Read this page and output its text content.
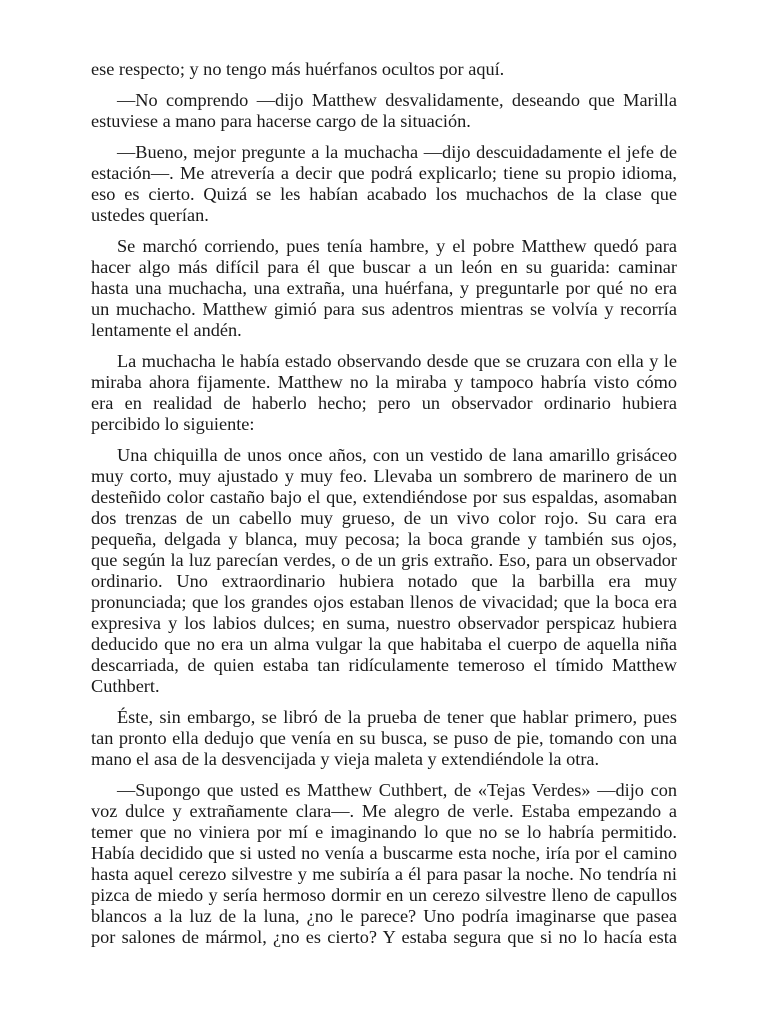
ese respecto; y no tengo más huérfanos ocultos por aquí.
—No comprendo —dijo Matthew desvalidamente, deseando que Marilla
estuviese a mano para hacerse cargo de la situación.
—Bueno, mejor pregunte a la muchacha —dijo descuidadamente el jefe de
estación—. Me atrevería a decir que podrá explicarlo; tiene su propio idioma,
eso es cierto. Quizá se les habían acabado los muchachos de la clase que
ustedes querían.
Se marchó corriendo, pues tenía hambre, y el pobre Matthew quedó para
hacer algo más difícil para él que buscar a un león en su guarida: caminar
hasta una muchacha, una extraña, una huérfana, y preguntarle por qué no era
un muchacho. Matthew gimió para sus adentros mientras se volvía y recorría
lentamente el andén.
La muchacha le había estado observando desde que se cruzara con ella y le
miraba ahora fijamente. Matthew no la miraba y tampoco habría visto cómo
era en realidad de haberlo hecho; pero un observador ordinario hubiera
percibido lo siguiente:
Una chiquilla de unos once años, con un vestido de lana amarillo grisáceo
muy corto, muy ajustado y muy feo. Llevaba un sombrero de marinero de un
desteñido color castaño bajo el que, extendiéndose por sus espaldas, asomaban
dos trenzas de un cabello muy grueso, de un vivo color rojo. Su cara era
pequeña, delgada y blanca, muy pecosa; la boca grande y también sus ojos,
que según la luz parecían verdes, o de un gris extraño. Eso, para un observador
ordinario. Uno extraordinario hubiera notado que la barbilla era muy
pronunciada; que los grandes ojos estaban llenos de vivacidad; que la boca era
expresiva y los labios dulces; en suma, nuestro observador perspicaz hubiera
deducido que no era un alma vulgar la que habitaba el cuerpo de aquella niña
descarriada, de quien estaba tan ridículamente temeroso el tímido Matthew
Cuthbert.
Éste, sin embargo, se libró de la prueba de tener que hablar primero, pues
tan pronto ella dedujo que venía en su busca, se puso de pie, tomando con una
mano el asa de la desvencijada y vieja maleta y extendiéndole la otra.
—Supongo que usted es Matthew Cuthbert, de «Tejas Verdes» —dijo con
voz dulce y extrañamente clara—. Me alegro de verle. Estaba empezando a
temer que no viniera por mí e imaginando lo que no se lo habría permitido.
Había decidido que si usted no venía a buscarme esta noche, iría por el camino
hasta aquel cerezo silvestre y me subiría a él para pasar la noche. No tendría ni
pizca de miedo y sería hermoso dormir en un cerezo silvestre lleno de capullos
blancos a la luz de la luna, ¿no le parece? Uno podría imaginarse que pasea
por salones de mármol, ¿no es cierto? Y estaba segura que si no lo hacía esta
